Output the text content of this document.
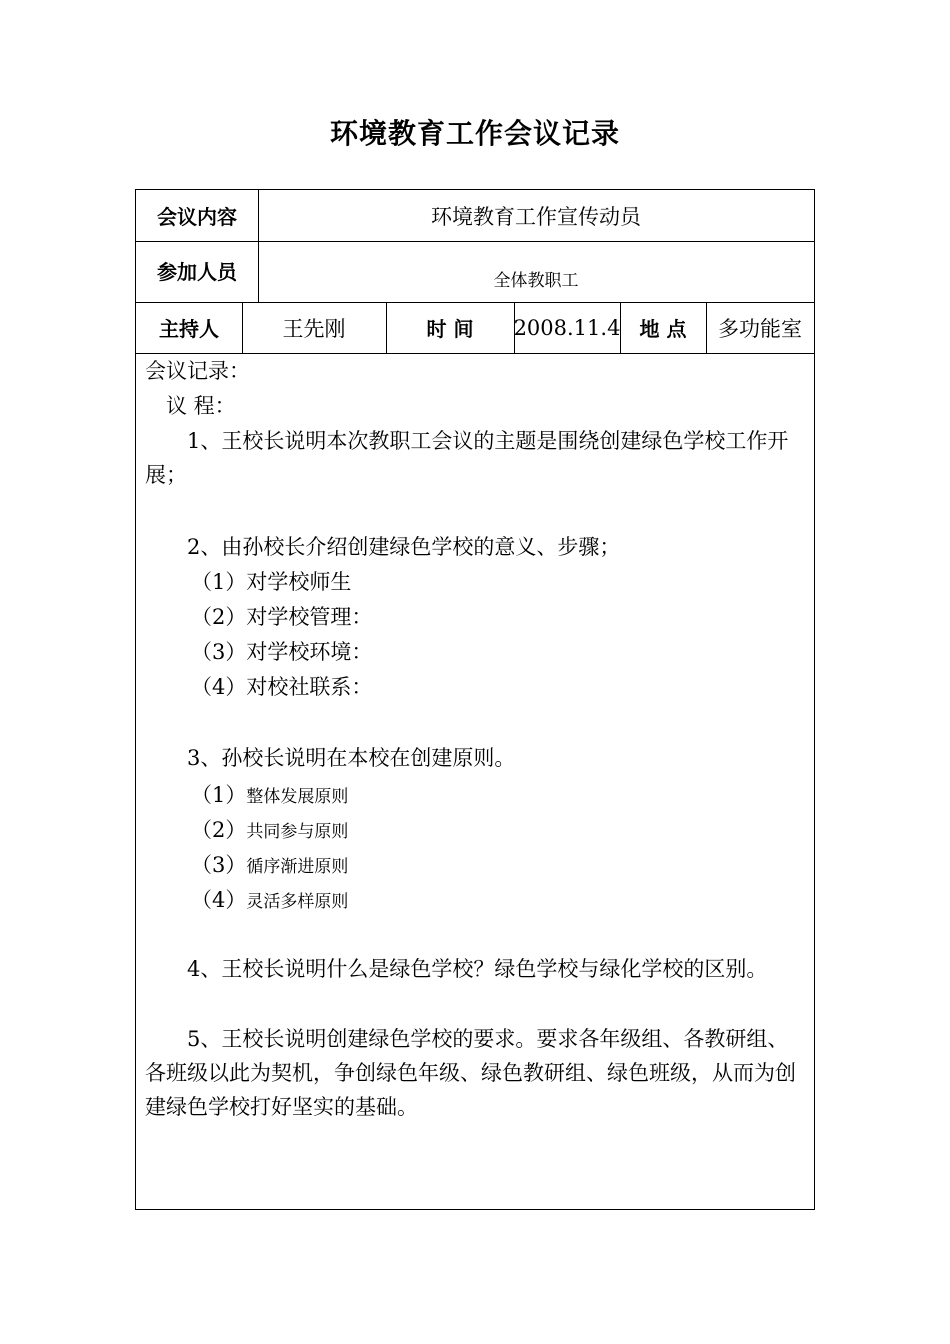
环境教育工作会议记录
会议内容	环境教育工作宣传动员
参加人员	全体教职工
主持人	王先刚	时 间	2008.11.4 地 点	多功能室
会议记录：
议 程：
1、王校长说明本次教职工会议的主题是围绕创建绿色学校工作开展；
2、由孙校长介绍创建绿色学校的意义、步骤；
（1）对学校师生
（2）对学校管理：
（3）对学校环境：
（4）对校社联系：
3、孙校长说明在本校在创建原则。
（1）整体发展原则
（2）共同参与原则
（3）循序渐进原则
（4）灵活多样原则
4、王校长说明什么是绿色学校？绿色学校与绿化学校的区别。
5、王校长说明创建绿色学校的要求。要求各年级组、各教研组、各班级以此为契机，争创绿色年级、绿色教研组、绿色班级，从而为创建绿色学校打好坚实的基础。
